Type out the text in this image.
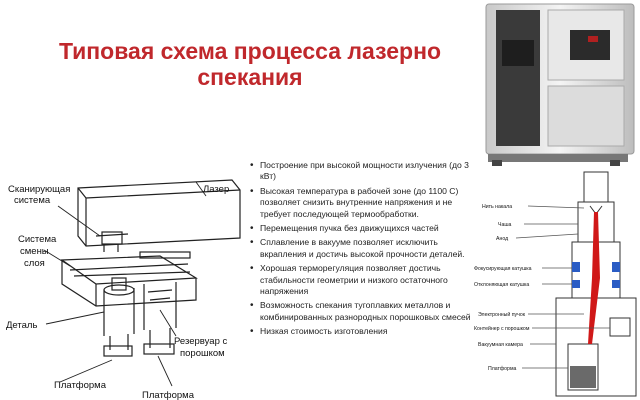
Типовая схема процесса лазерно
спекания
Сканирующая
система
Лазер
Система
смены
слоя
Деталь
Резервуар с
порошком
Платформа
Платформа
• Построение при высокой мощности излучения (до 3 кВт)
• Высокая температура в рабочей зоне (до 1100 С) позволяет снизить внутренние напряжения и не требует последующей термообработки.
• Перемещения пучка без движущихся частей
• Сплавление в вакууме позволяет исключить вкрапления и достичь высокой прочности деталей.
• Хорошая терморегуляция позволяет достичь стабильности геометрии и низкого остаточного напряжения
• Возможность спекания тугоплавких металлов и комбинированных разнородных порошковых смесей
• Низкая стоимость изготовления
Нить накала
Чаша
Анод
Фокусирующая катушка
Отклоняющая катушка
Электронный пучок
Контейнер с порошком
Вакуумная камера
Платформа
